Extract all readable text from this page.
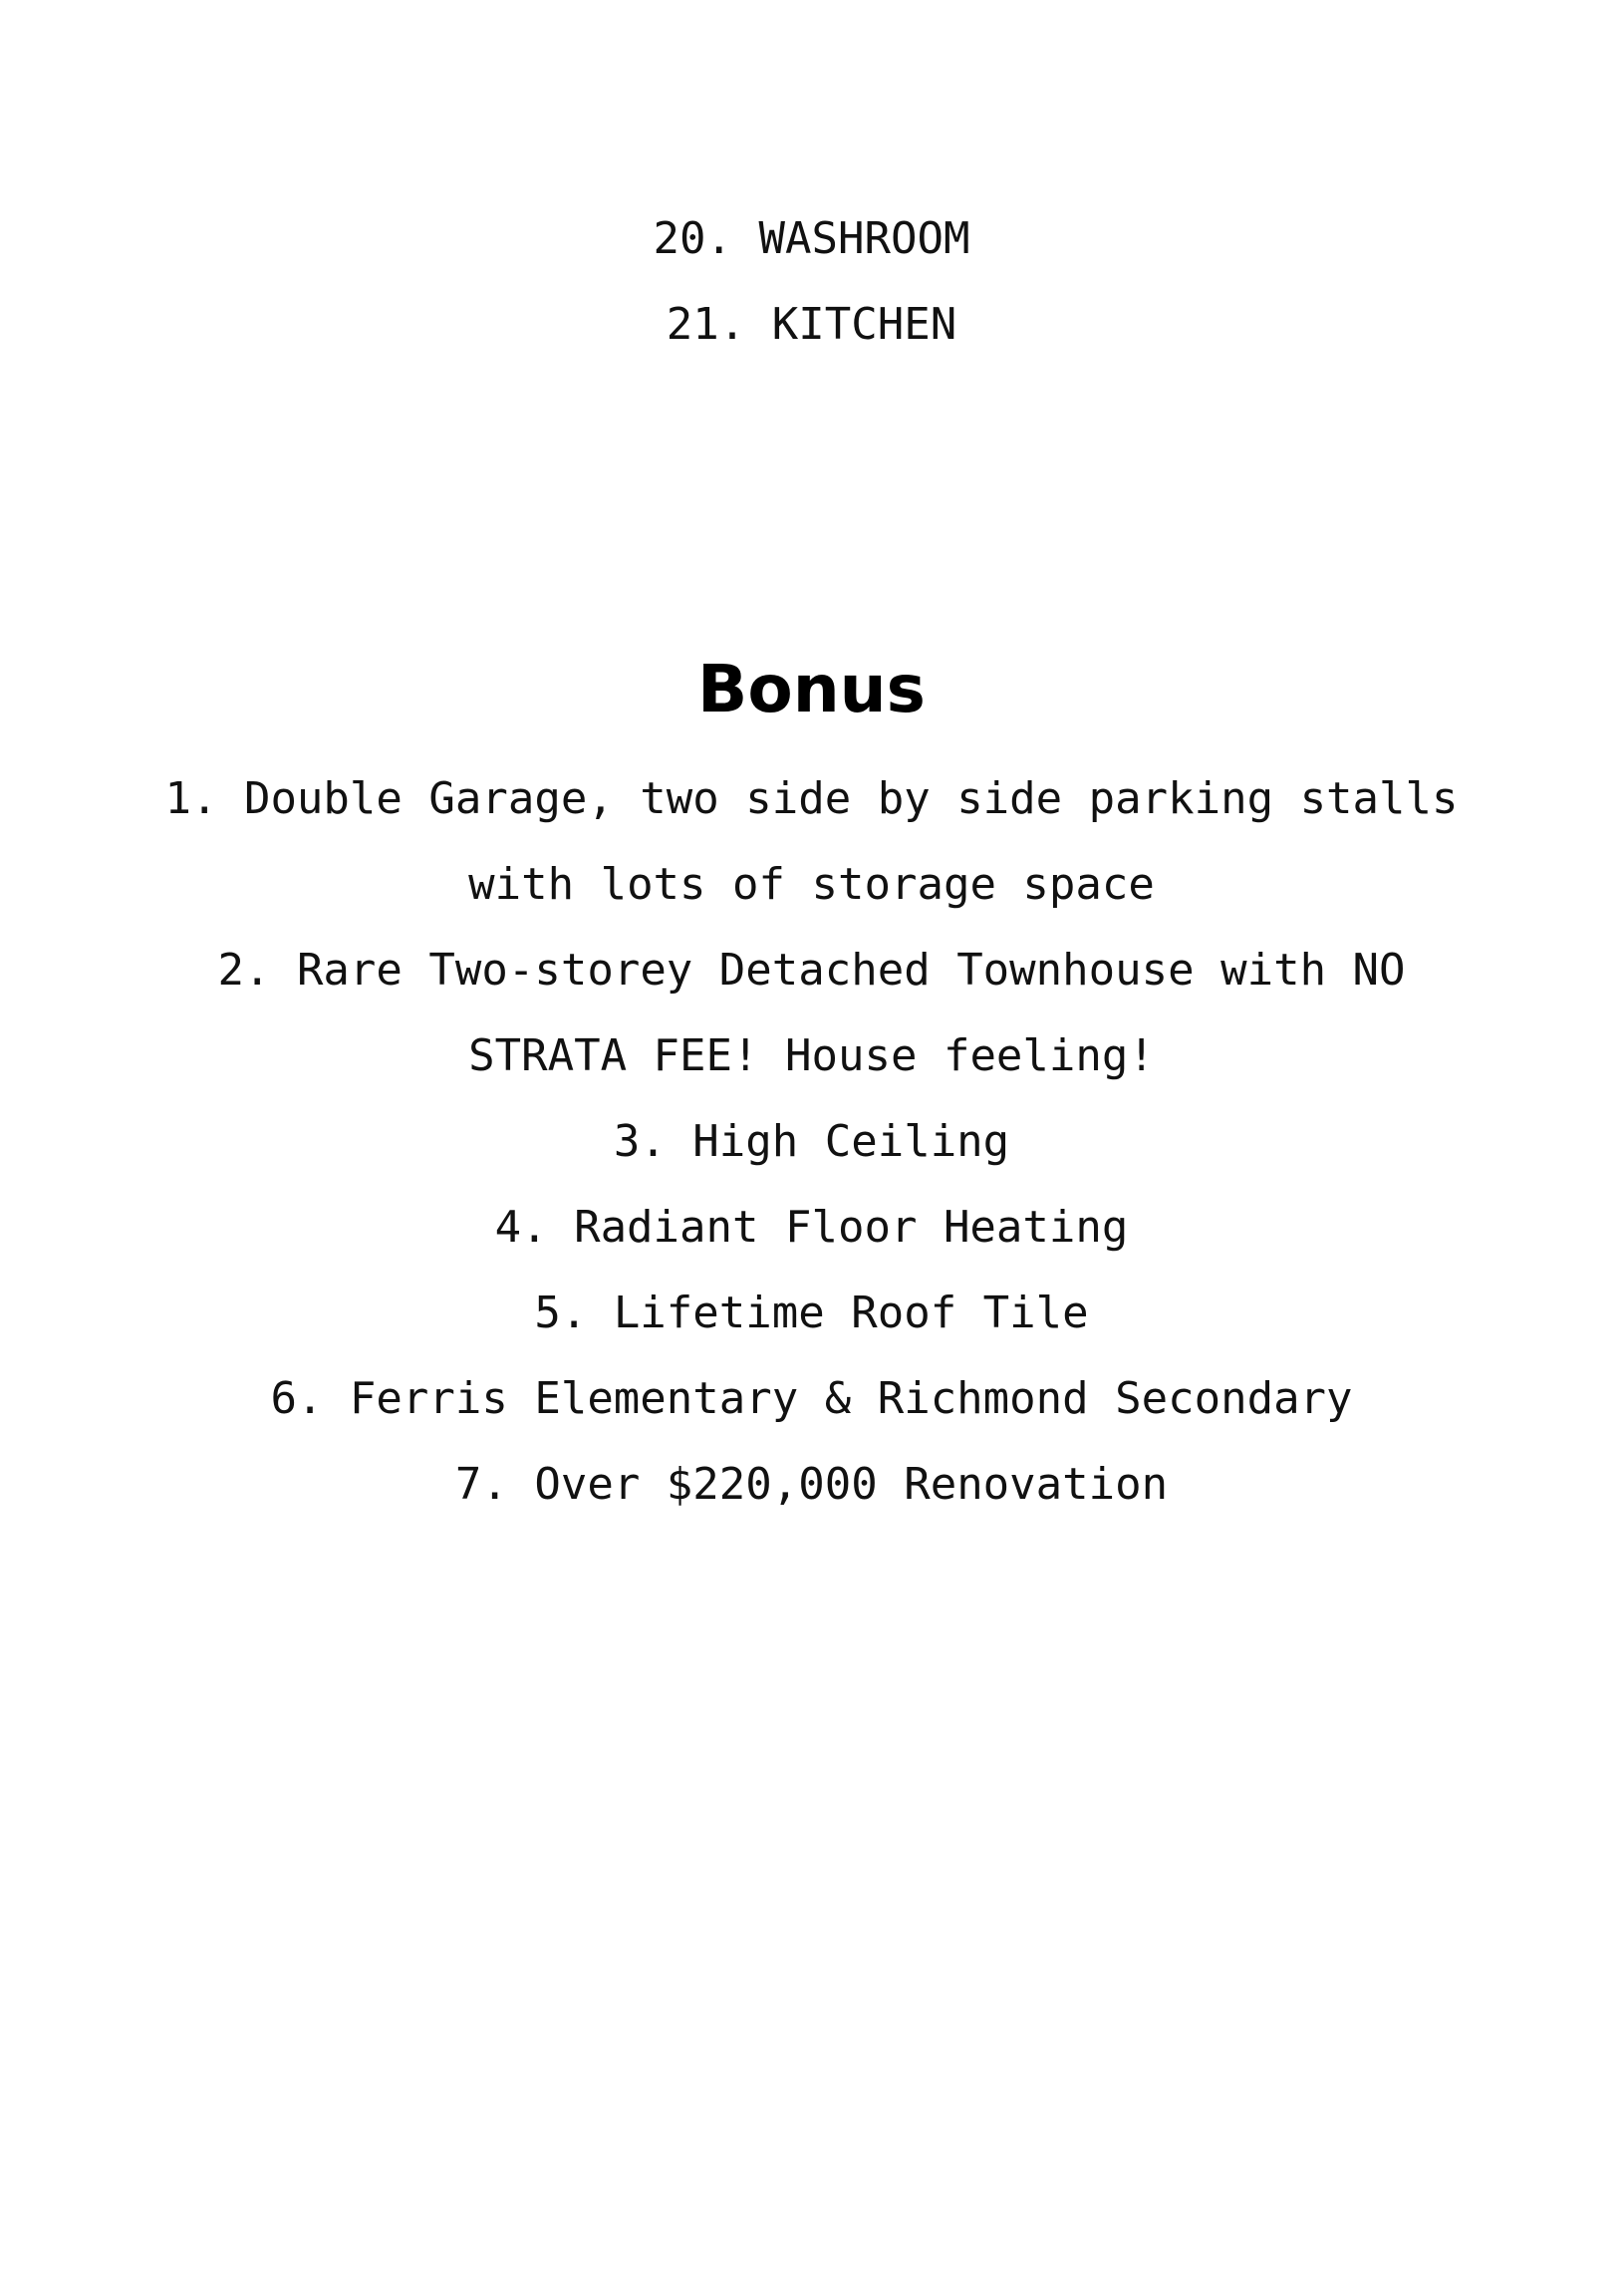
20. WASHROOM
21. KITCHEN
Bonus
1. Double Garage, two side by side parking stalls
with lots of storage space
2. Rare Two-storey Detached Townhouse with NO
STRATA FEE! House feeling!
3. High Ceiling
4. Radiant Floor Heating
5. Lifetime Roof Tile
6. Ferris Elementary & Richmond Secondary
7. Over $220,000 Renovation
